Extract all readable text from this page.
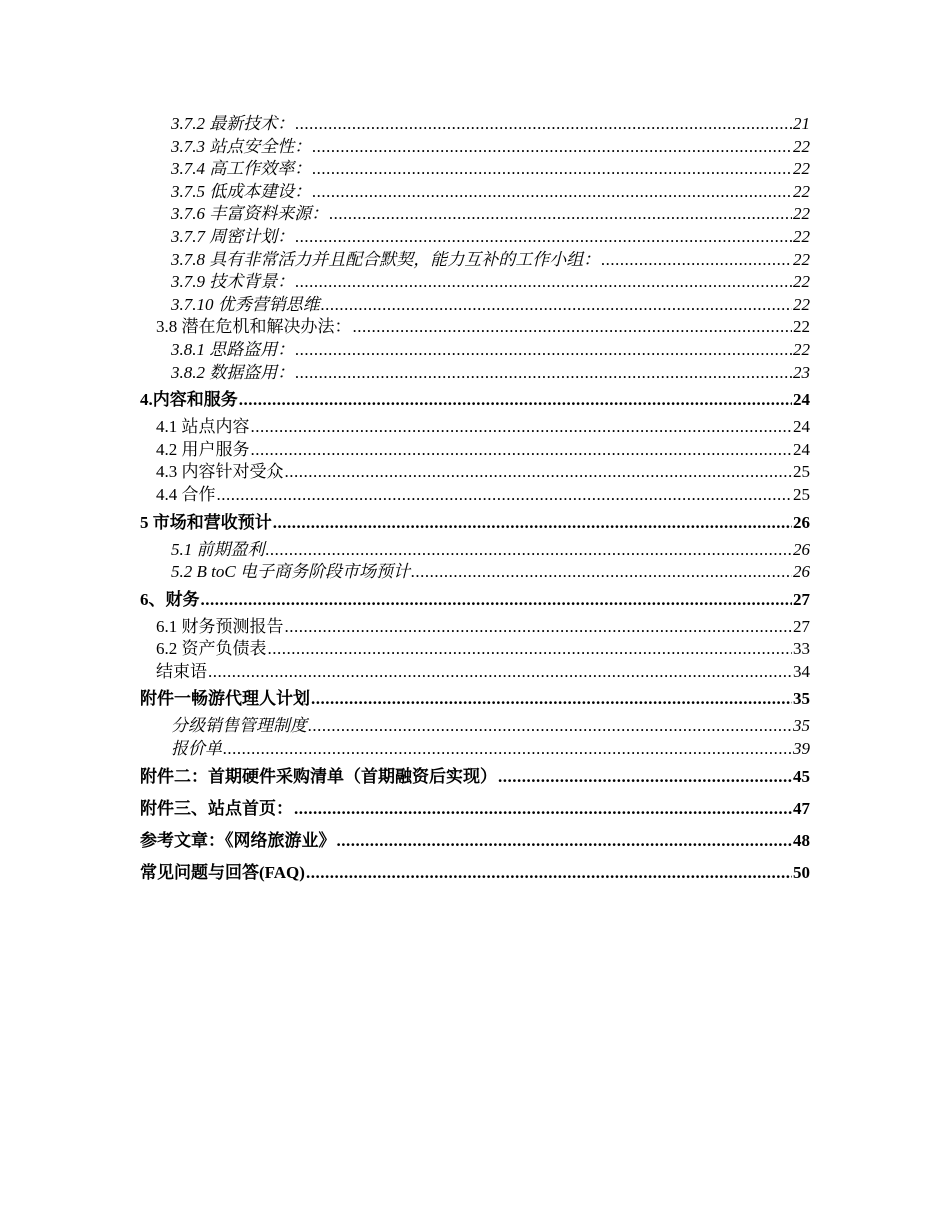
3.7.2 最新技术： .....	21
3.7.3 站点安全性： .....	22
3.7.4 高工作效率： .....	22
3.7.5 低成本建设： .....	22
3.7.6 丰富资料来源： .....	22
3.7.7 周密计划： .....	22
3.7.8 具有非常活力并且配合默契，能力互补的工作小组： .....	22
3.7.9 技术背景： .....	22
3.7.10 优秀营销思维 .....	22
3.8 潜在危机和解决办法： .....	22
3.8.1 思路盗用： .....	22
3.8.2 数据盗用： .....	23
4.内容和服务 .....	24
4.1 站点内容 .....	24
4.2 用户服务 .....	24
4.3 内容针对受众 .....	25
4.4 合作 .....	25
5 市场和营收预计 .....	26
5.1 前期盈利 .....	26
5.2 B toC 电子商务阶段市场预计 .....	26
6、财务 .....	27
6.1 财务预测报告 .....	27
6.2 资产负债表 .....	33
结束语 .....	34
附件一畅游代理人计划 .....	35
分级销售管理制度 .....	35
报价单 .....	39
附件二：首期硬件采购清单（首期融资后实现） .....	45
附件三、站点首页： .....	47
参考文章：《网络旅游业》 .....	48
常见问题与回答(FAQ) .....	50
